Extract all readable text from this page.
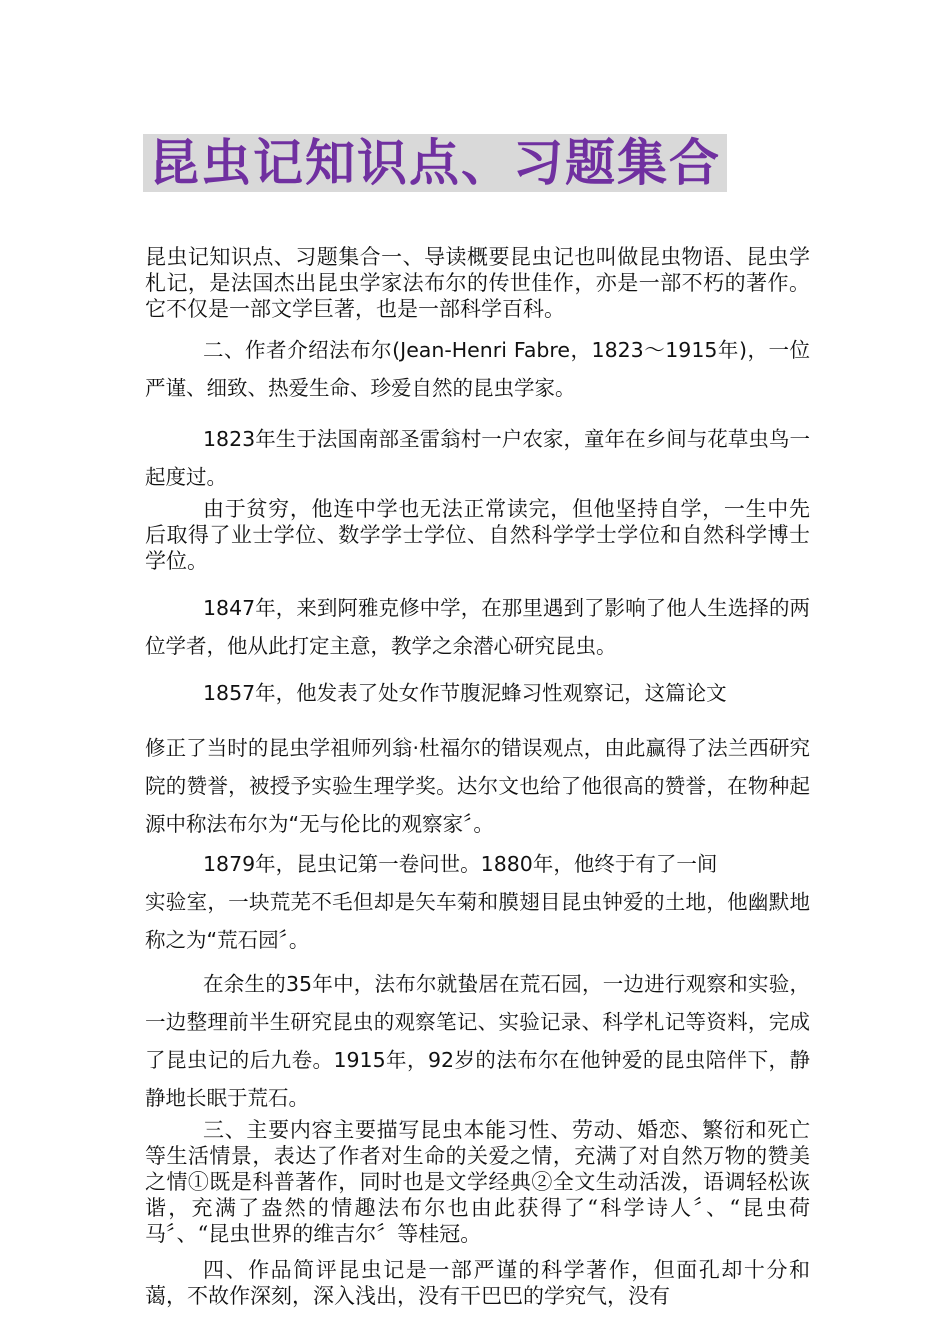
昆虫记知识点、习题集合

昆虫记知识点、习题集合一、导读概要昆虫记也叫做昆虫物语、昆虫学札记，是法国杰出昆虫学家法布尔的传世佳作，亦是一部不朽的著作。它不仅是一部文学巨著，也是一部科学百科。

二、作者介绍法布尔(Jean-Henri Fabre，1823～1915年)，一位严谨、细致、热爱生命、珍爱自然的昆虫学家。

1823年生于法国南部圣雷翁村一户农家，童年在乡间与花草虫鸟一起度过。

由于贫穷，他连中学也无法正常读完，但他坚持自学，一生中先后取得了业士学位、数学学士学位、自然科学学士学位和自然科学博士学位。

1847年，来到阿雅克修中学，在那里遇到了影响了他人生选择的两位学者，他从此打定主意，教学之余潜心研究昆虫。

1857年，他发表了处女作节腹泥蜂习性观察记，这篇论文

修正了当时的昆虫学祖师列翁·杜福尔的错误观点，由此赢得了法兰西研究院的赞誉，被授予实验生理学奖。达尔文也给了他很高的赞誉，在物种起源中称法布尔为“无与伦比的观察家〞。

1879年，昆虫记第一卷问世。1880年，他终于有了一间

实验室，一块荒芜不毛但却是矢车菊和膜翅目昆虫钟爱的土地，他幽默地称之为“荒石园〞。

在余生的35年中，法布尔就蛰居在荒石园，一边进行观察和实验，一边整理前半生研究昆虫的观察笔记、实验记录、科学札记等资料，完成了昆虫记的后九卷。1915年，92岁的法布尔在他钟爱的昆虫陪伴下，静静地长眠于荒石。

三、主要内容主要描写昆虫本能习性、劳动、婚恋、繁衍和死亡等生活情景，表达了作者对生命的关爱之情，充满了对自然万物的赞美之情①既是科普著作，同时也是文学经典②全文生动活泼，语调轻松诙谐，充满了盎然的情趣法布尔也由此获得了“科学诗人〞、“昆虫荷马〞、“昆虫世界的维吉尔〞等桂冠。

四、作品简评昆虫记是一部严谨的科学著作，但面孔却十分和蔼，不故作深刻，深入浅出，没有干巴巴的学究气，没有
